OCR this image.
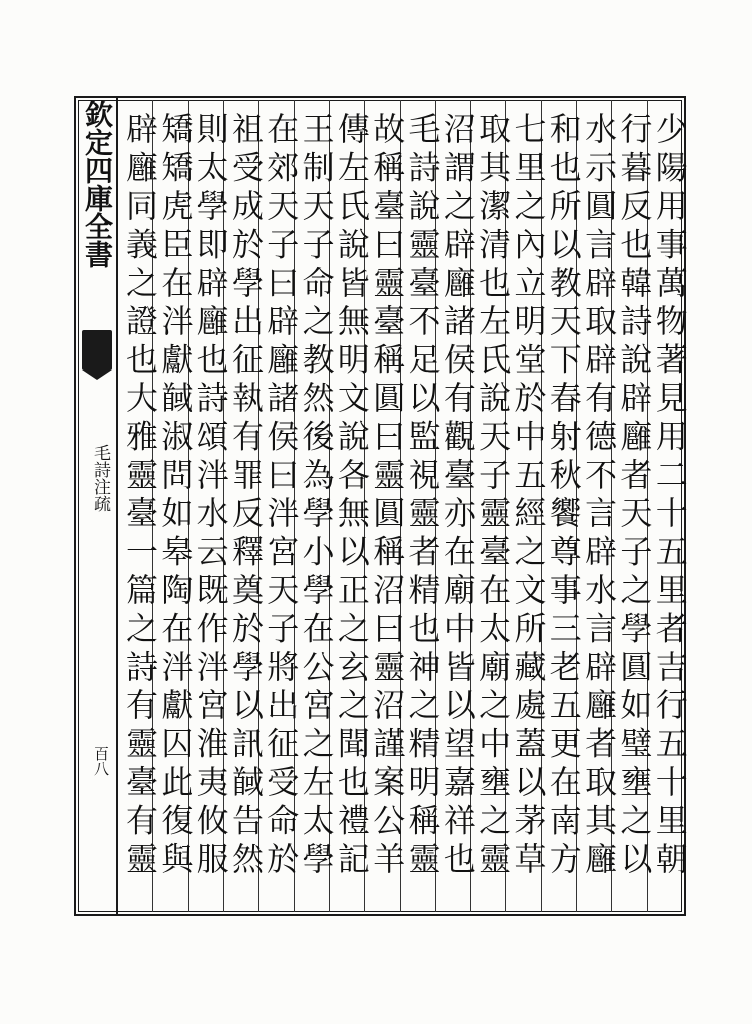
欽定四庫全書
毛詩注疏
百八	少陽用事萬物著見用二十五里者吉行五十里朝
行暮反也韓詩說辟廱者天子之學圓如璧壅之以
水示圓言辟取辟有德不言辟水言辟廱者取其廱
和也所以教天下春射秋饗尊事三老五更在南方
七里之內立明堂於中五經之文所藏處蓋以茅草
取其潔清也左氏說天子靈臺在太廟之中壅之靈
沼謂之辟廱諸侯有觀臺亦在廟中皆以望嘉祥也
毛詩說靈臺不足以監視靈者精也神之精明稱靈
故稱臺曰靈臺稱圓曰靈圓稱沼曰靈沼謹案公羊
傳左氏說皆無明文說各無以正之玄之聞也禮記
王制天子命之教然後為學小學在公宮之左太學
在郊天子曰辟廱諸侯曰泮宮天子將出征受命於
祖受成於學出征執有罪反釋奠於學以訊馘告然
則太學即辟廱也詩頌泮水云既作泮宮淮夷攸服
矯矯虎臣在泮獻馘淑問如皋陶在泮獻囚此復與
辟廱同義之證也大雅靈臺一篇之詩有靈臺有靈
